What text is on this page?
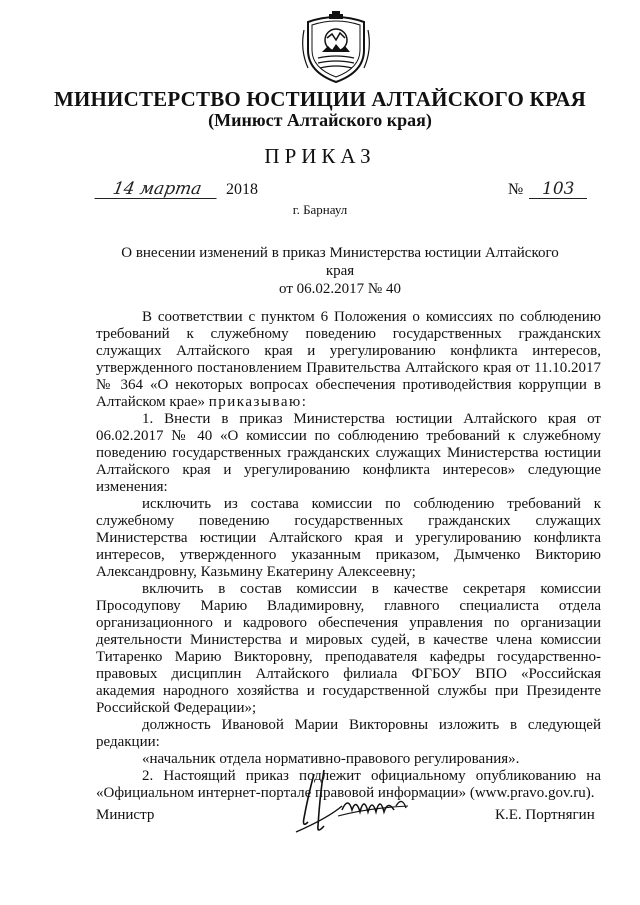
МИНИСТЕРСТВО ЮСТИЦИИ АЛТАЙСКОГО КРАЯ
(Минюст Алтайского края)
ПРИКАЗ
14 марта 2018	№ 103
г. Барнаул
О внесении изменений в приказ Министерства юстиции Алтайского края
от 06.02.2017 № 40

В соответствии с пунктом 6 Положения о комиссиях по соблюдению требований к служебному поведению государственных гражданских служащих Алтайского края и урегулированию конфликта интересов, утвержденного постановлением Правительства Алтайского края от 11.10.2017 № 364 «О некоторых вопросах обеспечения противодействия коррупции в Алтайском крае» приказываю:

1. Внести в приказ Министерства юстиции Алтайского края от 06.02.2017 № 40 «О комиссии по соблюдению требований к служебному поведению государственных гражданских служащих Министерства юстиции Алтайского края и урегулированию конфликта интересов» следующие изменения:

исключить из состава комиссии по соблюдению требований к служебному поведению государственных гражданских служащих Министерства юстиции Алтайского края и урегулированию конфликта интересов, утвержденного указанным приказом, Дымченко Викторию Александровну, Казьмину Екатерину Алексеевну;

включить в состав комиссии в качестве секретаря комиссии Просодупову Марию Владимировну, главного специалиста отдела организационного и кадрового обеспечения управления по организации деятельности Министерства и мировых судей, в качестве члена комиссии Титаренко Марию Викторовну, преподавателя кафедры государственно-правовых дисциплин Алтайского филиала ФГБОУ ВПО «Российская академия народного хозяйства и государственной службы при Президенте Российской Федерации»;

должность Ивановой Марии Викторовны изложить в следующей редакции:

«начальник отдела нормативно-правового регулирования».

2. Настоящий приказ подлежит официальному опубликованию на «Официальном интернет-портале правовой информации» (www.pravo.gov.ru).

Министр	К.Е. Портнягин
